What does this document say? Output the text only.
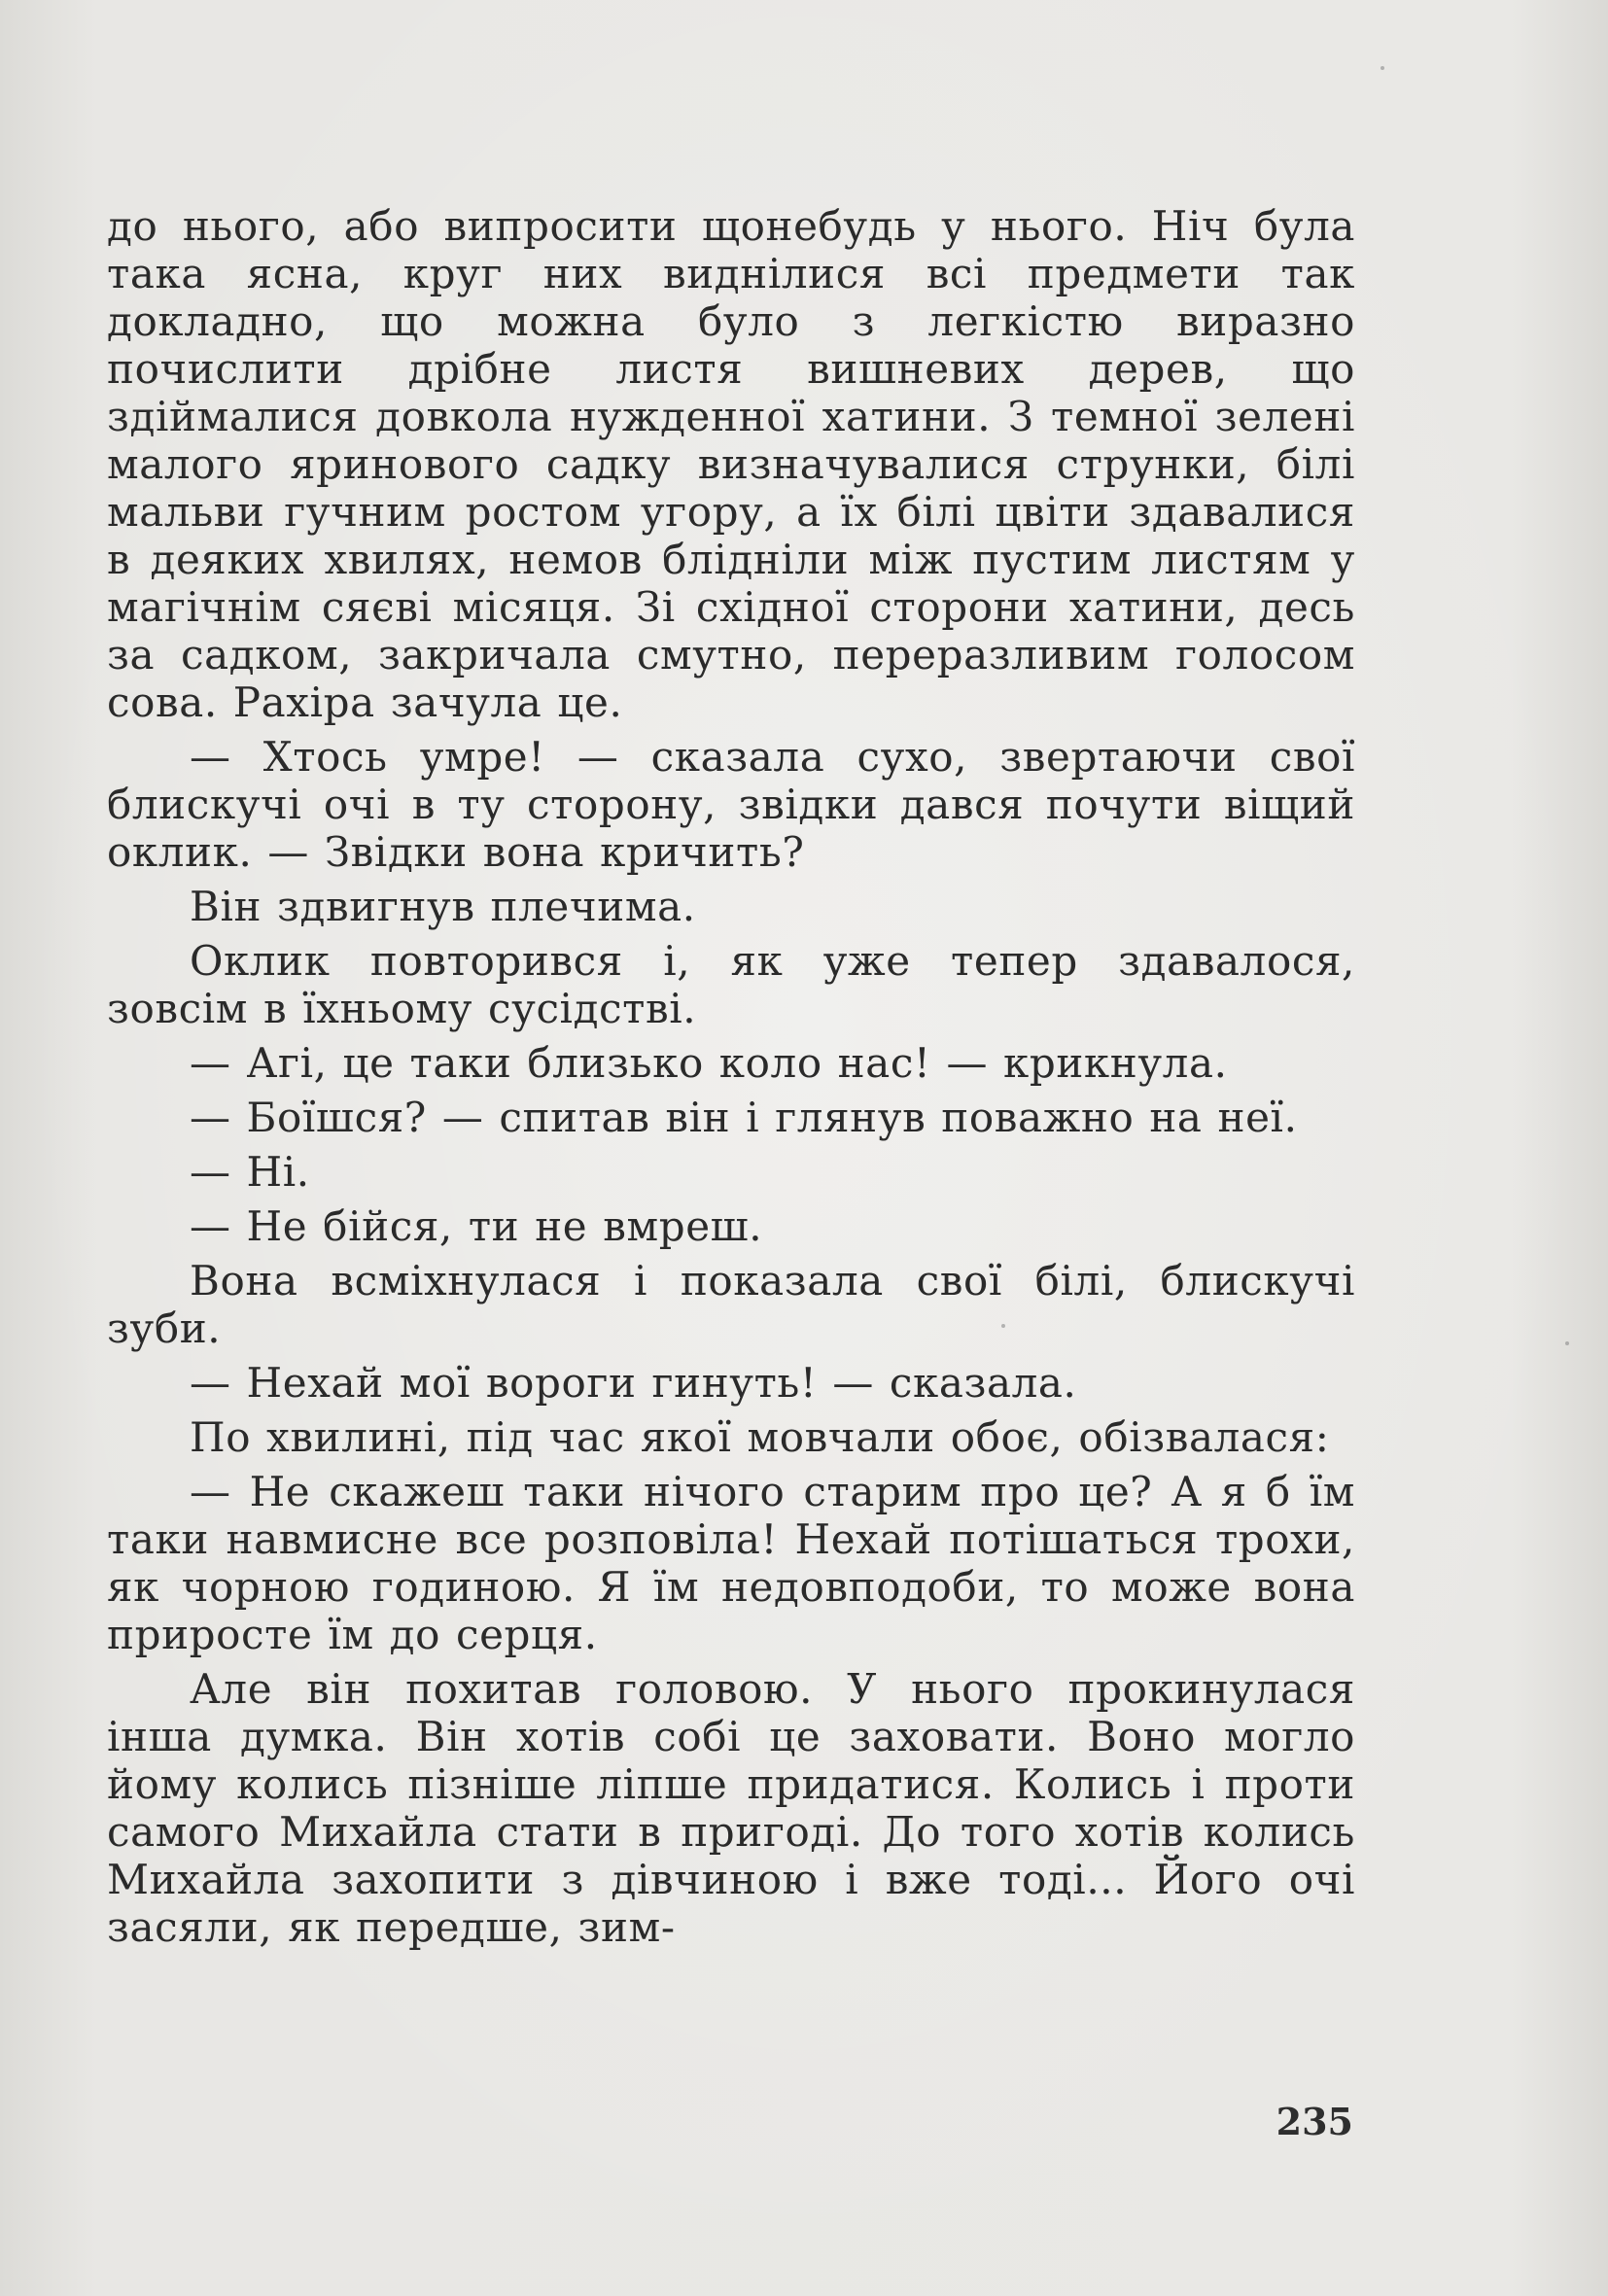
до нього, або випросити щонебудь у нього. Ніч була така ясна, круг них виднілися всі предмети так докладно, що можна було з легкістю виразно почислити дрібне листя вишневих дерев, що здіймалися довкола нужденної хатини. З темної зелені малого яринового садку визначувалися струнки, білі мальви гучним ростом угору, а їх білі цвіти здавалися в деяких хвилях, немов блідніли між пустим листям у магічнім сяєві місяця. Зі східної сторони хатини, десь за садком, закричала смутно, переразливим голосом сова. Рахіра зачула це.

— Хтось умре! — сказала сухо, звертаючи свої блискучі очі в ту сторону, звідки дався почути віщий оклик. — Звідки вона кричить?

Він здвигнув плечима.

Оклик повторився і, як уже тепер здавалося, зовсім в їхньому сусідстві.

— Агі, це таки близько коло нас! — крикнула.

— Боїшся? — спитав він і глянув поважно на неї.

— Ні.

— Не бійся, ти не вмреш.

Вона всміхнулася і показала свої білі, блискучі зуби.

— Нехай мої вороги гинуть! — сказала.

По хвилині, під час якої мовчали обоє, обізвалася:

— Не скажеш таки нічого старим про це? А я б їм таки навмисне все розповіла! Нехай потішаться трохи, як чорною годиною. Я їм недовподоби, то може вона приросте їм до серця.

Але він похитав головою. У нього прокинулася інша думка. Він хотів собі це заховати. Воно могло йому колись пізніше ліпше придатися. Колись і проти самого Михайла стати в пригоді. До того хотів колись Михайла захопити з дівчиною і вже тоді... Його очі засяли, як передше, зим-

235
